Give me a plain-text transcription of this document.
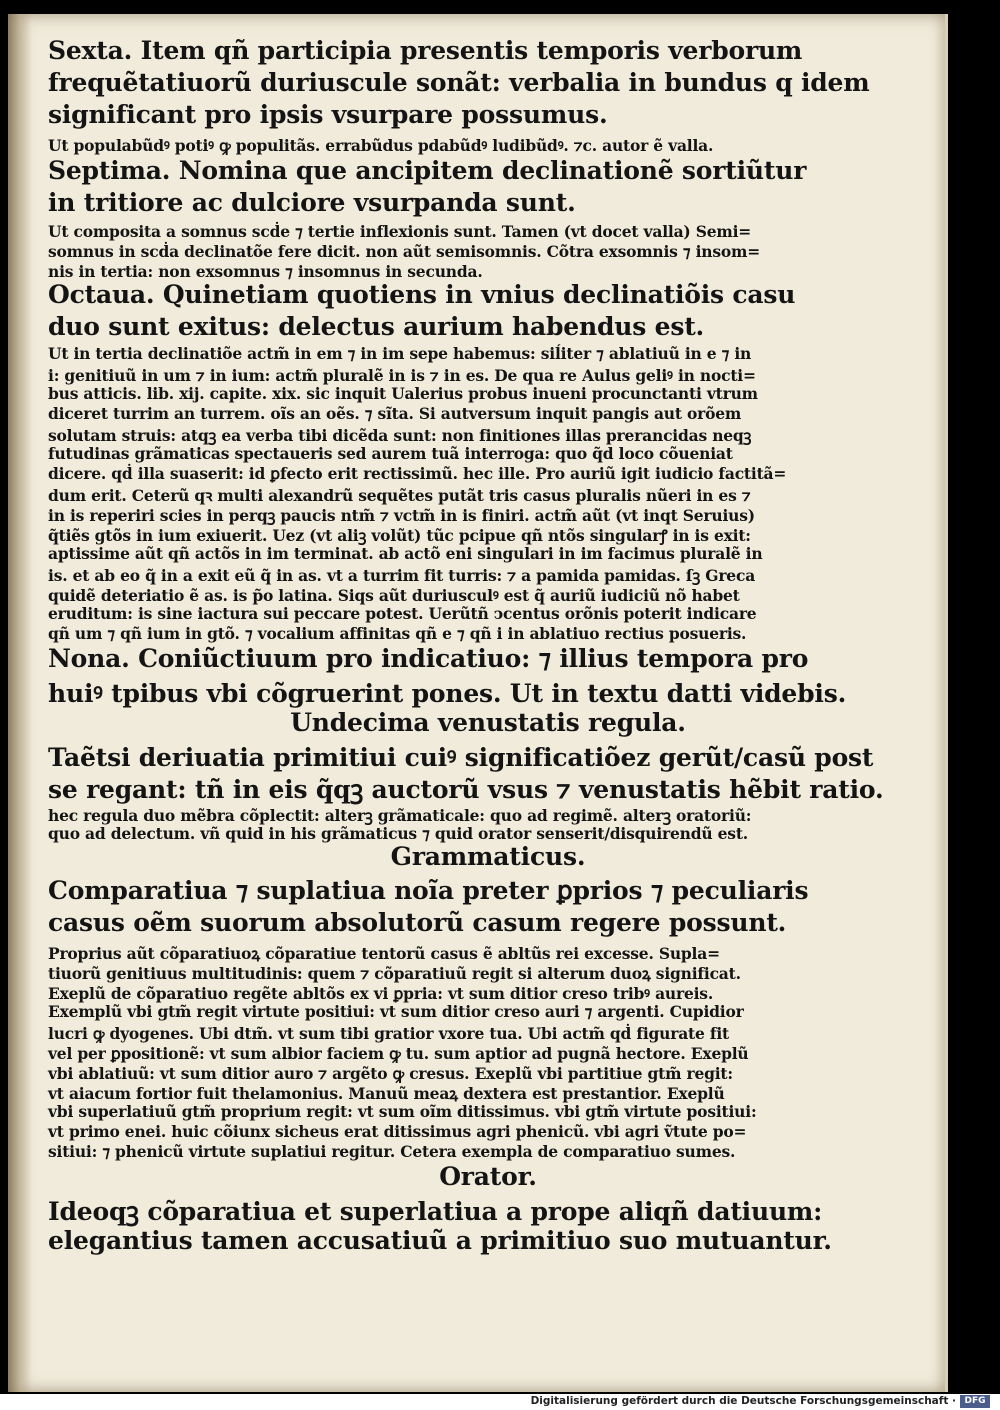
Sexta. Item qñ participia presentis temporis verborum
frequẽtatiuorũ duriuscule sonãt: verbalia in bundus q idem
significant pro ipsis vsurpare possumus.
Ut populabũdꝰ potiꝰ ꝙ populitãs. errabũdus pdabũdꝰ ludibũdꝰ. ⁊c. autor ẽ valla.
Septima. Nomina que ancipitem declinationẽ sortiũtur
in tritiore ac dulciore vsurpanda sunt.
Ut composita a somnus scḋe ⁊ tertie inflexionis sunt. Tamen (vt docet valla) Semi=
somnus in scḋa declinatõe fere dicit. non aũt semisomnis. Cõtra exsomnis ⁊ insom=
nis in tertia: non exsomnus ⁊ insomnus in secunda.
Octaua. Quinetiam quotiens in vnius declinatiõis casu
duo sunt exitus: delectus aurium habendus est.
Ut in tertia declinatiõe actm̃ in em ⁊ in im sepe habemus: siĺiter ⁊ ablatiuũ in e ⁊ in
i: genitiuũ in um ⁊ in ium: actm̃ pluralẽ in is ⁊ in es. De qua re Aulus geliꝰ in nocti=
bus atticis. lib. xij. capite. xix. sic inquit Ualerius probus inueni procunctanti vtrum
diceret turrim an turrem. oĩs an oẽs. ⁊ sĩta. Si autversum inquit pangis aut orõem
solutam struis: atqꝫ ea verba tibi dicẽda sunt: non finitiones illas prerancidas neqꝫ
futudinas grãmaticas spectaueris sed aurem tuã interroga: quo q̃d loco cõueniat
dicere. qḋ illa suaserit: id ꝑfecto erit rectissimũ. hec ille. Pro auriũ igit iudicio factitã=
dum erit. Ceterũ qꝛ multi alexandrũ sequẽtes putãt tris casus pluralis nũeri in es ⁊
in is reperiri scies in perqꝫ paucis ntm̃ ⁊ vctm̃ in is finiri. actm̃ aũt (vt inqt Seruius)
q̃tiẽs gtõs in ium exiuerit. Uez (vt aliꝫ volũt) tũc pcipue qñ ntõs singularꝭ in is exit:
aptissime aũt qñ actõs in im terminat. ab actõ eni singulari in im facimus pluralẽ in
is. et ab eo q̃ in a exit eũ q̃ in as. vt a turrim fit turris: ⁊ a pamida pamidas. ſꝫ Greca
quidẽ deteriatio ẽ as. is p̃o latina. Siqs aũt duriusculꝰ est q̃ auriũ iudiciũ nõ habet
eruditum: is sine iactura sui peccare potest. Uerũtñ ↄcentus orõnis poterit indicare
qñ um ⁊ qñ ium in gtõ. ⁊ vocalium affinitas qñ e ⁊ qñ i in ablatiuo rectius posueris.
Nona. Coniũctiuum pro indicatiuo: ⁊ illius tempora pro
huiꝰ tpibus vbi cõgruerint pones. Ut in textu datti videbis.
Undecima venustatis regula.
Taẽtsi deriuatia primitiui cuiꝰ significatiõez gerũt/casũ post
se regant: tñ in eis q̃qꝫ auctorũ vsus ⁊ venustatis hẽbit ratio.
hec regula duo mẽbra cõplectit: alterꝫ grãmaticale: quo ad regimẽ. alterꝫ oratoriũ:
quo ad delectum. vñ quid in his grãmaticus ⁊ quid orator senserit/disquirendũ est.
Grammaticus.
Comparatiua ⁊ suplatiua noĩa preter ꝑprios ⁊ peculiaris
casus oẽm suorum absolutorũ casum regere possunt.
Proprius aũt cõparatiuoꝝ cõparatiue tentorũ casus ẽ abltũs rei excesse. Supla=
tiuorũ genitiuus multitudinis: quem ⁊ cõparatiuũ regit si alterum duoꝝ significat.
Exeplũ de cõparatiuo regẽte abltõs ex vi ꝑpria: vt sum ditior creso tribꝰ aureis.
Exemplũ vbi gtm̃ regit virtute positiui: vt sum ditior creso auri ⁊ argenti. Cupidior
lucri ꝙ dyogenes. Ubi dtm̃. vt sum tibi gratior vxore tua. Ubi actm̃ qḋ figurate fit
vel per ꝑpositionẽ: vt sum albior faciem ꝙ tu. sum aptior ad pugnã hectore. Exeplũ
vbi ablatiuũ: vt sum ditior auro ⁊ argẽto ꝙ cresus. Exeplũ vbi partitiue gtm̃ regit:
vt aiacum fortior fuit thelamonius. Manuũ meaꝝ dextera est prestantior. Exeplũ
vbi superlatiuũ gtm̃ proprium regit: vt sum oĩm ditissimus. vbi gtm̃ virtute positiui:
vt primo enei. huic cõiunx sicheus erat ditissimus agri phenicũ. vbi agri ṽtute po=
sitiui: ⁊ phenicũ virtute suplatiui regitur. Cetera exempla de comparatiuo sumes.
Orator.
Ideoqꝫ cõparatiua et superlatiua a prope aliqñ datiuum:
elegantius tamen accusatiuũ a primitiuo suo mutuantur.
Digitalisierung gefördert durch die Deutsche Forschungsgemeinschaft · DFG
